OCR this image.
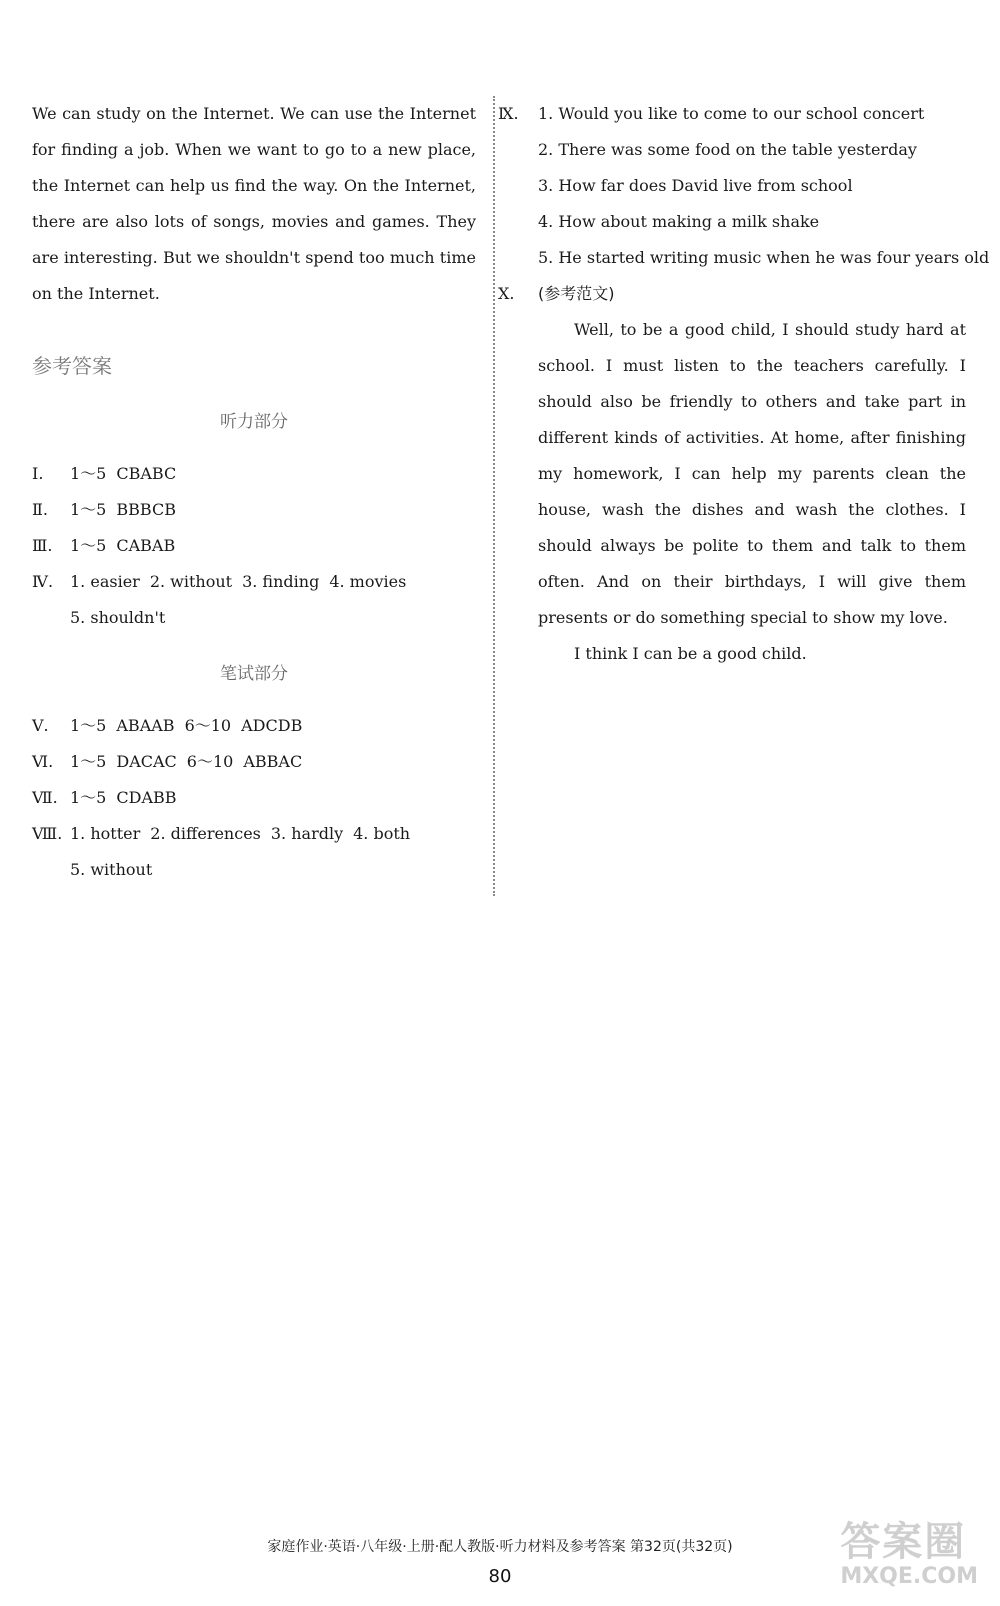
We can study on the Internet. We can use the Internet for finding a job. When we want to go to a new place, the Internet can help us find the way. On the Internet, there are also lots of songs, movies and games. They are interesting. But we shouldn't spend too much time on the Internet.

参考答案
听力部分
Ⅰ. 1～5 CBABC
Ⅱ. 1～5 BBBCB
Ⅲ. 1～5 CABAB
Ⅳ. 1. easier 2. without 3. finding 4. movies
5. shouldn't
笔试部分
Ⅴ. 1～5 ABAAB 6～10 ADCDB
Ⅵ. 1～5 DACAC 6～10 ABBAC
Ⅶ. 1～5 CDABB
Ⅷ. 1. hotter 2. differences 3. hardly 4. both
5. without
Ⅸ. 1. Would you like to come to our school concert
2. There was some food on the table yesterday
3. How far does David live from school
4. How about making a milk shake
5. He started writing music when he was four years old
Ⅹ. (参考范文)

Well, to be a good child, I should study hard at school. I must listen to the teachers carefully. I should also be friendly to others and take part in different kinds of activities. At home, after finishing my homework, I can help my parents clean the house, wash the dishes and wash the clothes. I should always be polite to them and talk to them often. And on their birthdays, I will give them presents or do something special to show my love.

I think I can be a good child.

家庭作业·英语·八年级·上册·配人教版·听力材料及参考答案 第32页(共32页)
80
答案圈
MXQE.COM
